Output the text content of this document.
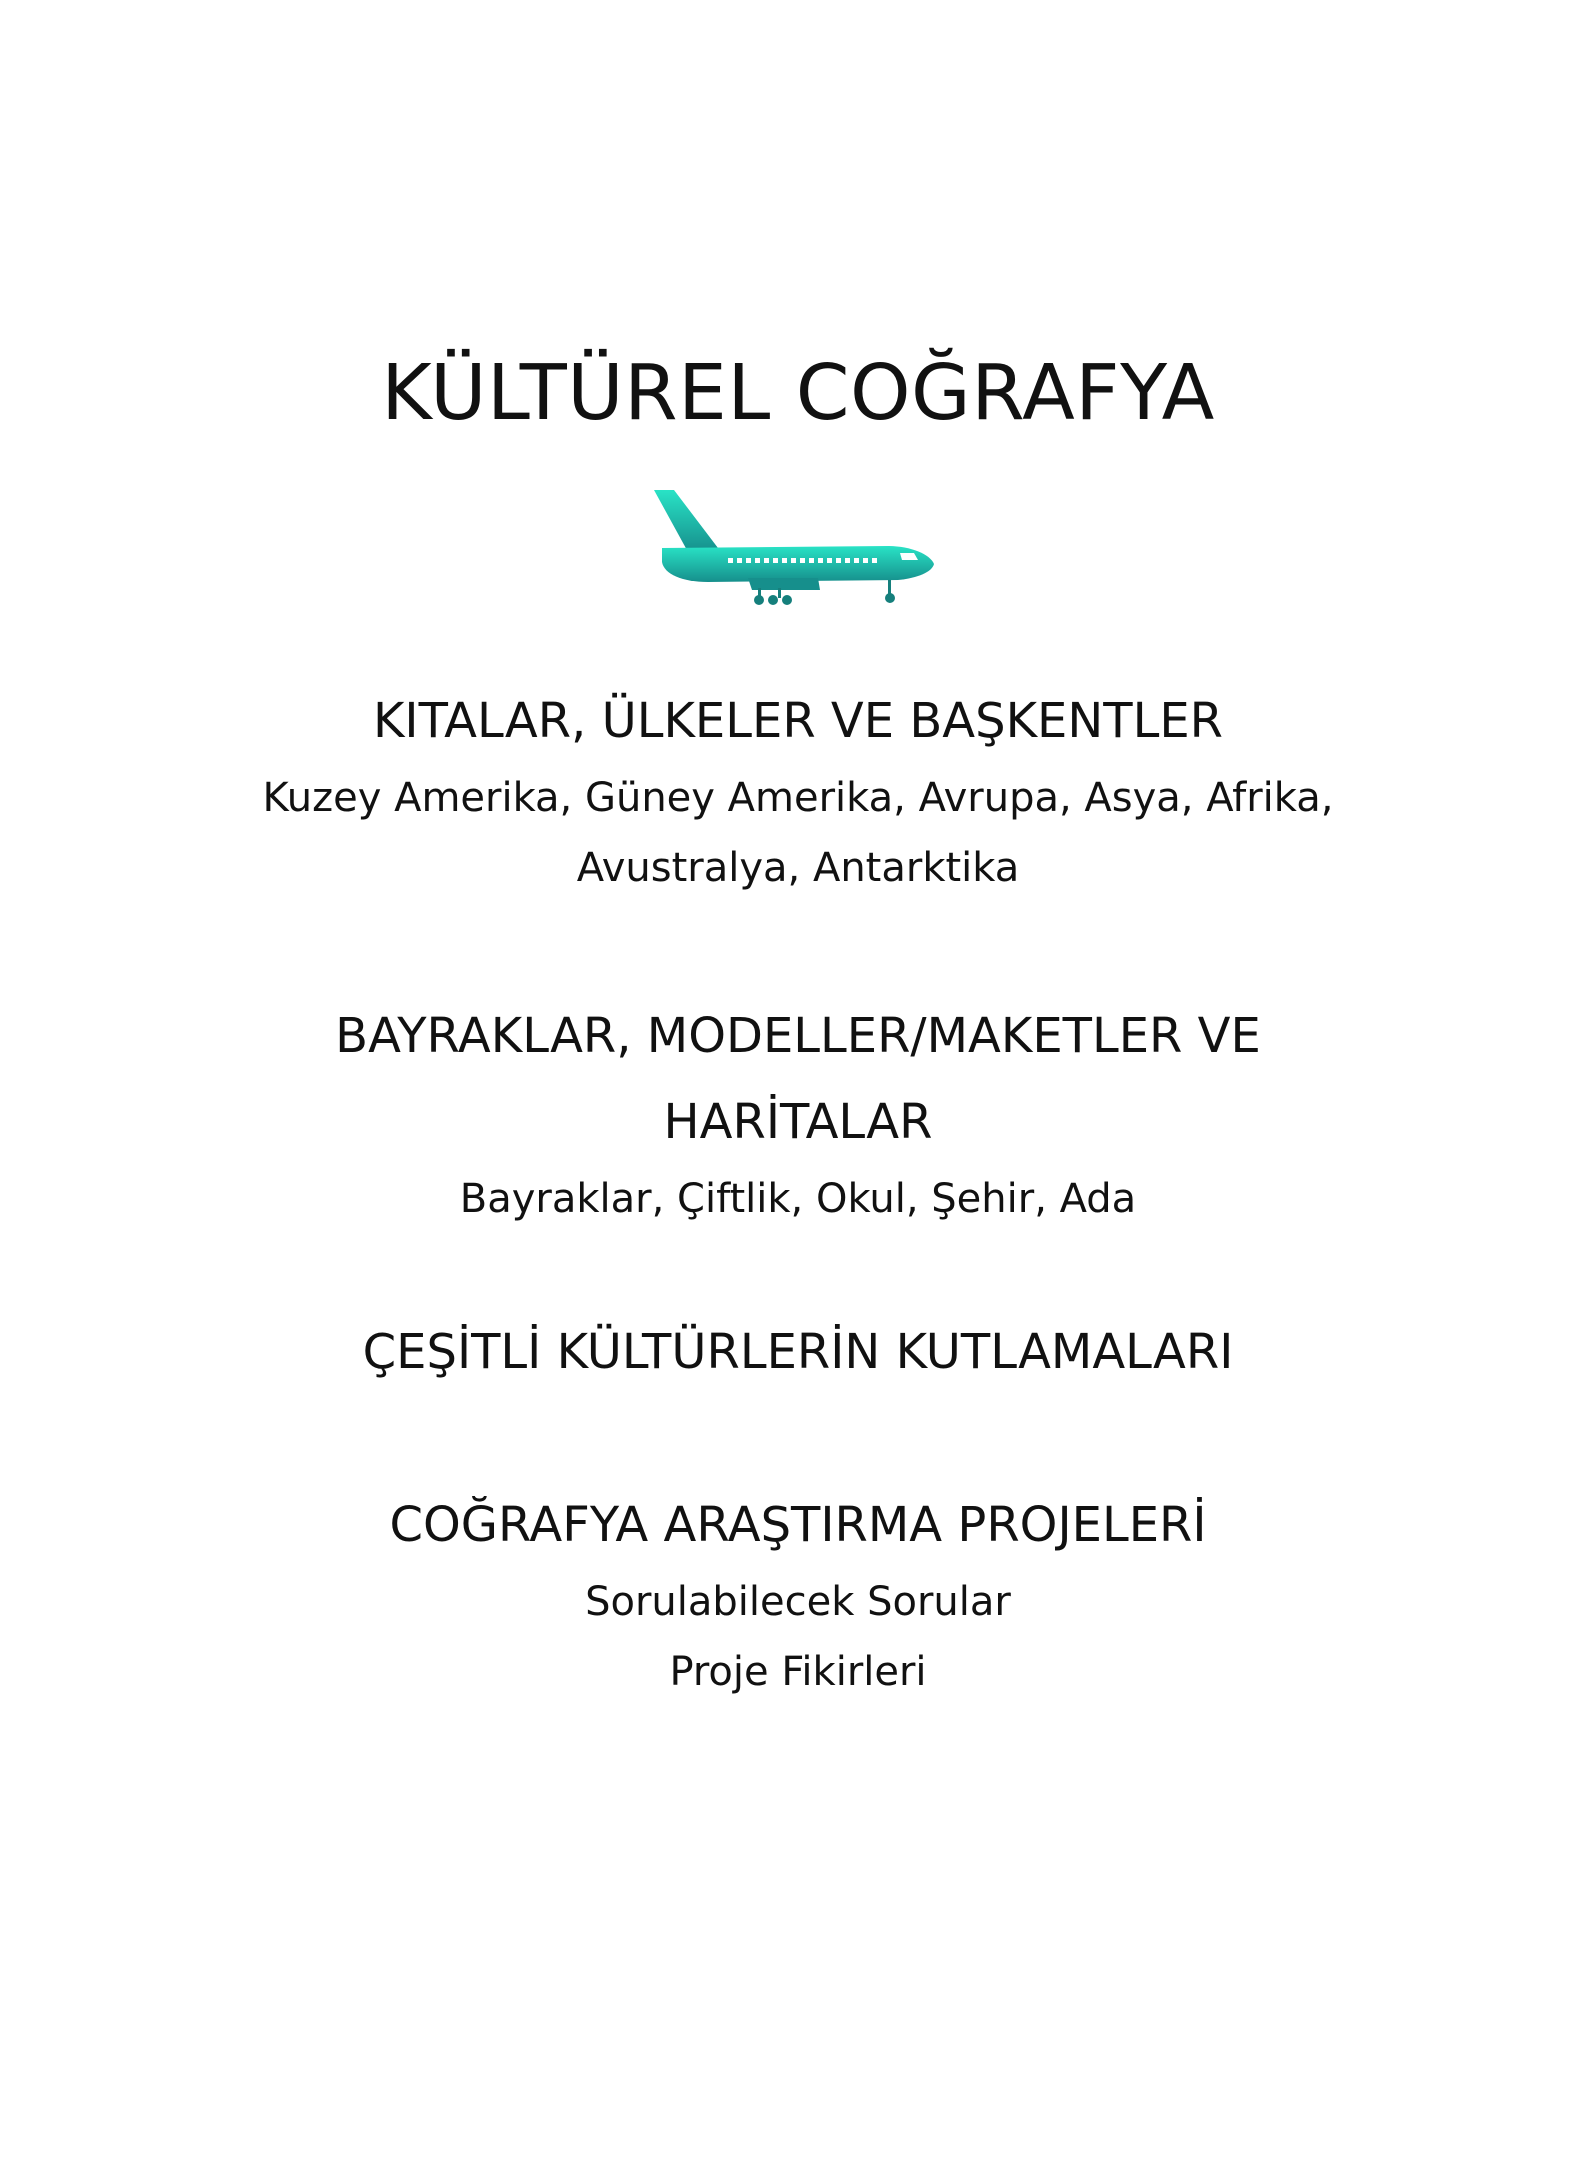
KÜLTÜREL COĞRAFYA
KITALAR, ÜLKELER VE BAŞKENTLER

Kuzey Amerika, Güney Amerika, Avrupa, Asya, Afrika,

Avustralya, Antarktika

BAYRAKLAR, MODELLER/MAKETLER VE
HARİTALAR

Bayraklar, Çiftlik, Okul, Şehir, Ada

ÇEŞİTLİ KÜLTÜRLERİN KUTLAMALARI
COĞRAFYA ARAŞTIRMA PROJELERİ

Sorulabilecek Sorular

Proje Fikirleri
